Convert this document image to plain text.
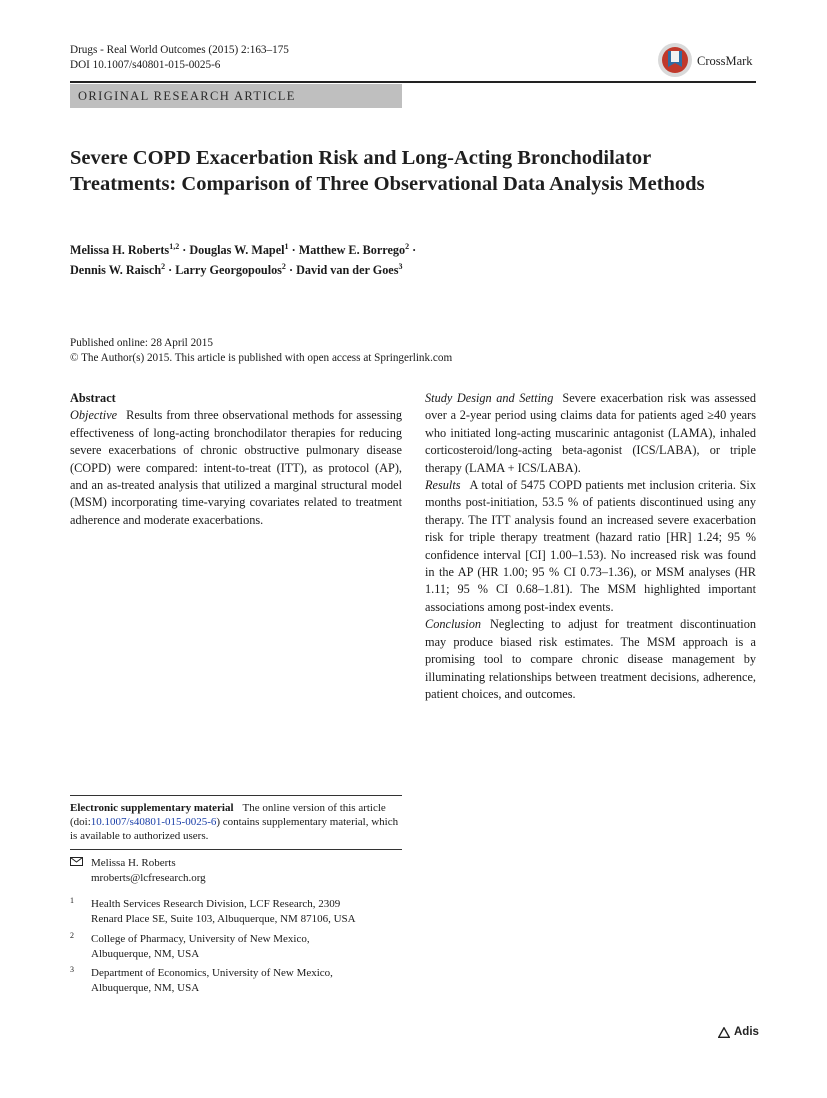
Drugs - Real World Outcomes (2015) 2:163–175
DOI 10.1007/s40801-015-0025-6	CrossMark
ORIGINAL RESEARCH ARTICLE
Severe COPD Exacerbation Risk and Long-Acting Bronchodilator Treatments: Comparison of Three Observational Data Analysis Methods
Melissa H. Roberts$^{1,2}$ · Douglas W. Mapel$^1$ · Matthew E. Borrego$^2$ ·
Dennis W. Raisch$^2$ · Larry Georgopoulos$^2$ · David van der Goes$^3$
Published online: 28 April 2015
© The Author(s) 2015. This article is published with open access at Springerlink.com
Abstract
Objective Results from three observational methods for assessing effectiveness of long-acting bronchodilator therapies for reducing severe exacerbations of chronic obstructive pulmonary disease (COPD) were compared: intent-to-treat (ITT), as protocol (AP), and an as-treated analysis that utilized a marginal structural model (MSM) incorporating time-varying covariates related to treatment adherence and moderate exacerbations.
Study Design and Setting Severe exacerbation risk was assessed over a 2-year period using claims data for patients aged ≥40 years who initiated long-acting muscarinic antagonist (LAMA), inhaled corticosteroid/long-acting beta-agonist (ICS/LABA), or triple therapy (LAMA + ICS/LABA).
Results A total of 5475 COPD patients met inclusion criteria. Six months post-initiation, 53.5 % of patients discontinued using any therapy. The ITT analysis found an increased severe exacerbation risk for triple therapy treatment (hazard ratio [HR] 1.24; 95 % confidence interval [CI] 1.00–1.53). No increased risk was found in the AP (HR 1.00; 95 % CI 0.73–1.36), or MSM analyses (HR 1.11; 95 % CI 0.68–1.81). The MSM highlighted important associations among post-index events.
Conclusion Neglecting to adjust for treatment discontinuation may produce biased risk estimates. The MSM approach is a promising tool to compare chronic disease management by illuminating relationships between treatment decisions, adherence, patient choices, and outcomes.
Electronic supplementary material The online version of this article (doi:10.1007/s40801-015-0025-6) contains supplementary material, which is available to authorized users.
Melissa H. Roberts
mroberts@lcfresearch.org
1 Health Services Research Division, LCF Research, 2309
Renard Place SE, Suite 103, Albuquerque, NM 87106, USA
2 College of Pharmacy, University of New Mexico,
Albuquerque, NM, USA
3 Department of Economics, University of New Mexico,
Albuquerque, NM, USA
Adis
